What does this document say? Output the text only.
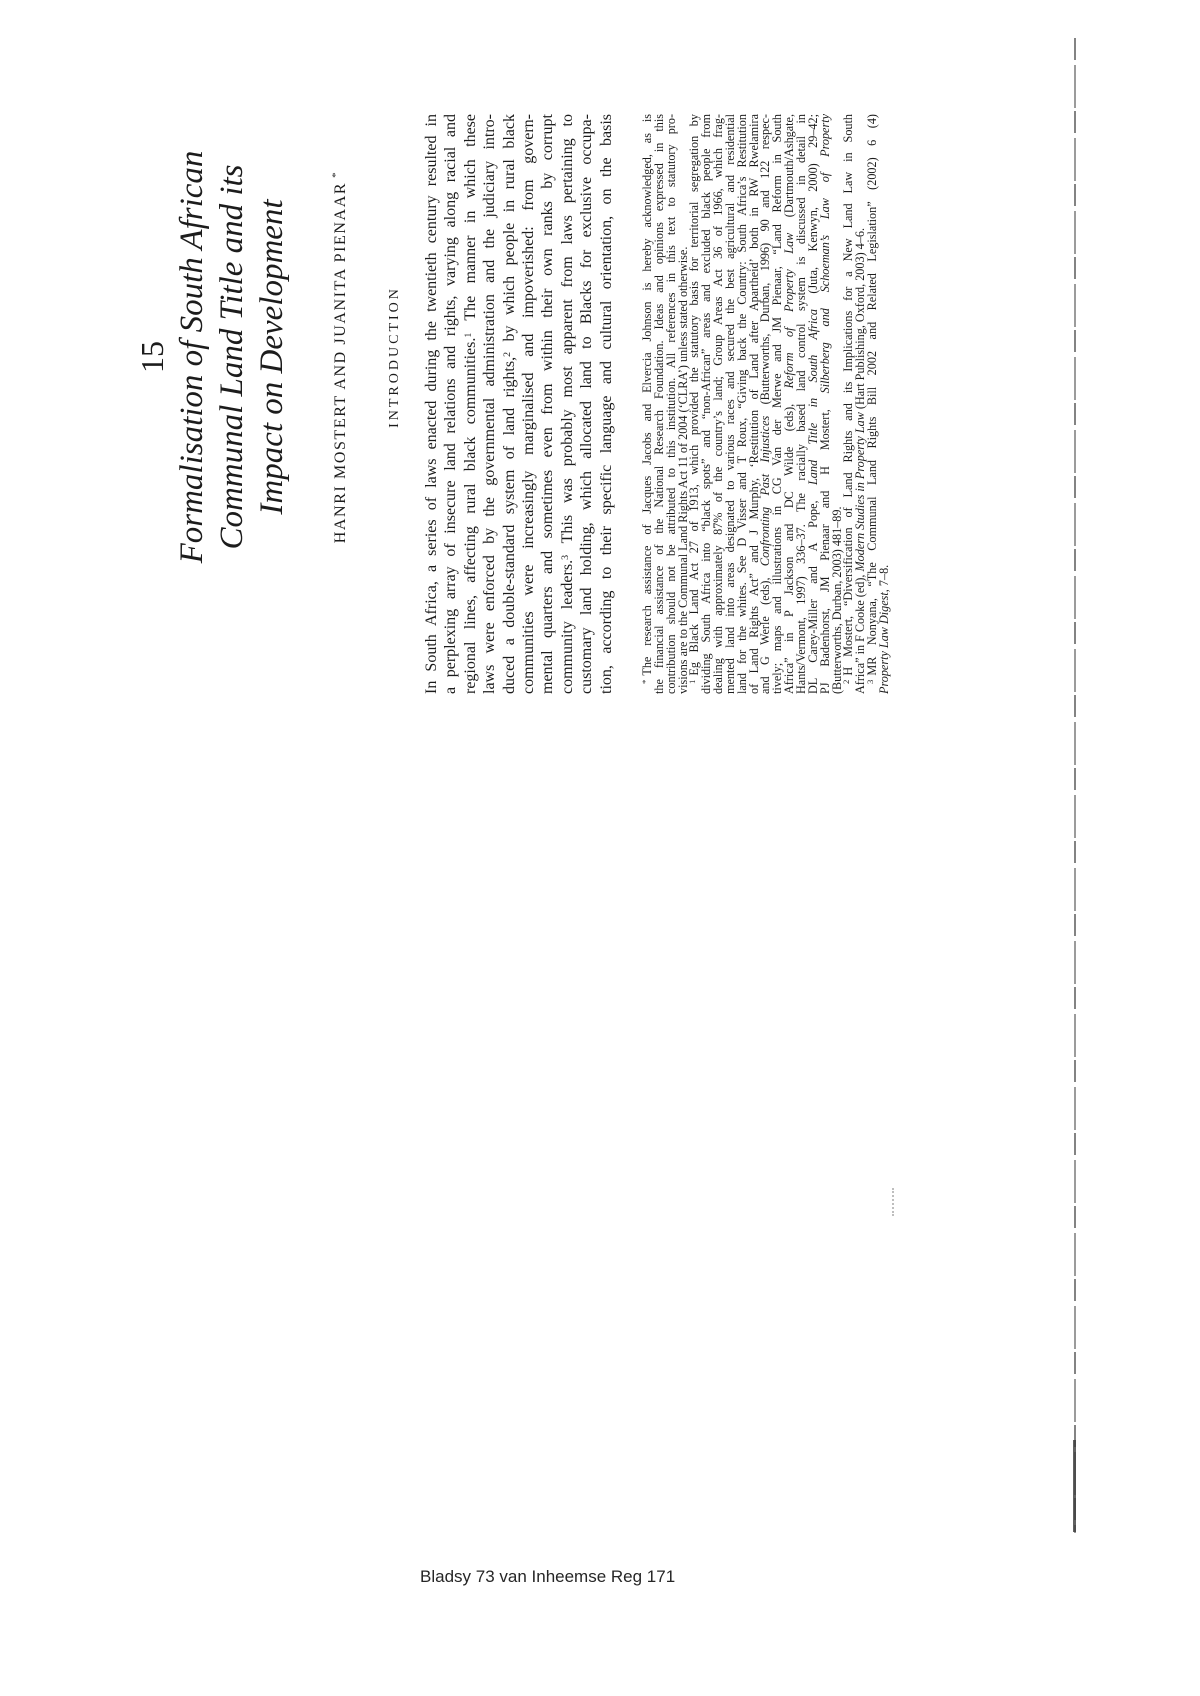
15 Formalisation of South African Communal Land Title and its Impact on Development	HANRI MOSTERT AND JUANITA PIENAAR*
INTRODUCTION In South Africa, a series of laws enacted during the twentieth century resulted in a perplexing array of insecure land relations and rights, varying along racial and regional lines, affecting rural black communities.$^1$ The manner in which these laws were enforced by the governmental administration and the judiciary intro- duced a double-standard system of land rights,$^2$ by which people in rural black communities were increasingly marginalised and impoverished: from govern- mental quarters and sometimes even from within their own ranks by corrupt community leaders.$^3$ This was probably most apparent from laws pertaining to customary land holding, which allocated land to Blacks for exclusive occupa- tion, according to their specific language and cultural orientation, on the basis	*The research assistance of Jacques Jacobs and Elvercia Johnson is hereby acknowledged, as is
the financial assistance of the National Research Foundation. Ideas and opinions expressed in this
contribution should not be attributed to this institution. All references in this text to statutory pro-
visions are to the Communal Land Rights Act 11 of 2004 (‘CLRA’) unless stated otherwise.
$^1$Eg Black Land Act 27 of 1913, which provided the statutory basis for territorial segregation by
dividing South Africa into “black spots” and “non-African” areas and excluded black people from
dealing with approximately 87% of the country’s land; Group Areas Act 36 of 1966, which frag-
mented land into areas designated to various races and secured the best agricultural and residential
land for the whites. See D Visser and T Roux, “Giving back the Country: South Africa’s Restitution
of Land Rights Act” and J Murphy, ‘Restitution of Land after Apartheid’ both in RW Rwelamira
and G Werle (eds), Confronting Past Injustices (Butterworths, Durban, 1996) 90 and 122 respec-
tively; maps and illustrations in CG Van der Merwe and JM Pienaar, “Land Reform in South
Africa” in P Jackson and DC Wilde (eds), Reform of Property Law (Dartmouth/Ashgate,
Hants/Vermont, 1997) 336–37. The racially based land control system is discussed in detail in
DL Carey-Miller and A Pope, Land Title in South Africa (Juta, Kenwyn, 2000) 29–42;
PJ Badenhorst, JM Pienaar and H Mostert, Silberberg and Schoeman’s Law of Property
(Butterworths, Durban, 2003) 481–89.
$^2$H Mostert, “Diversification of Land Rights and its Implications for a New Land Law in South
Africa” in F Cooke (ed), Modern Studies in Property Law (Hart Publishing, Oxford, 2003) 4–6.
$^3$MR Nonyana, “The Communal Land Rights Bill 2002 and Related Legislation” (2002) 6 (4)
Property Law Digest, 7–8.
Bladsy 73 van Inheemse Reg 171
